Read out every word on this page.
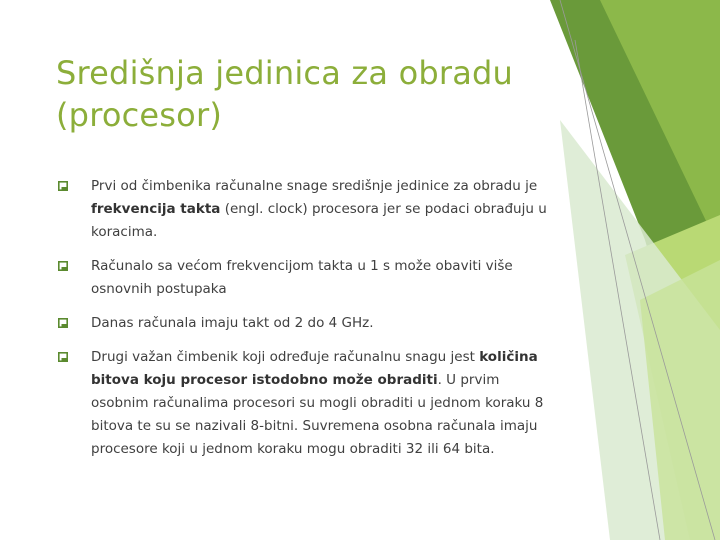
Središnja jedinica za obradu
(procesor)
Prvi od čimbenika računalne snage središnje jedinice za obradu je frekvencija takta (engl. clock) procesora jer se podaci obrađuju u koracima.
Računalo sa većom frekvencijom takta u 1 s može obaviti više osnovnih postupaka
Danas računala imaju takt od 2 do 4 GHz.
Drugi važan čimbenik koji određuje računalnu snagu jest količina bitova koju procesor istodobno može obraditi. U prvim osobnim računalima procesori su mogli obraditi u jednom koraku 8 bitova te su se nazivali 8-bitni. Suvremena osobna računala imaju procesore koji u jednom koraku mogu obraditi 32 ili 64 bita.
